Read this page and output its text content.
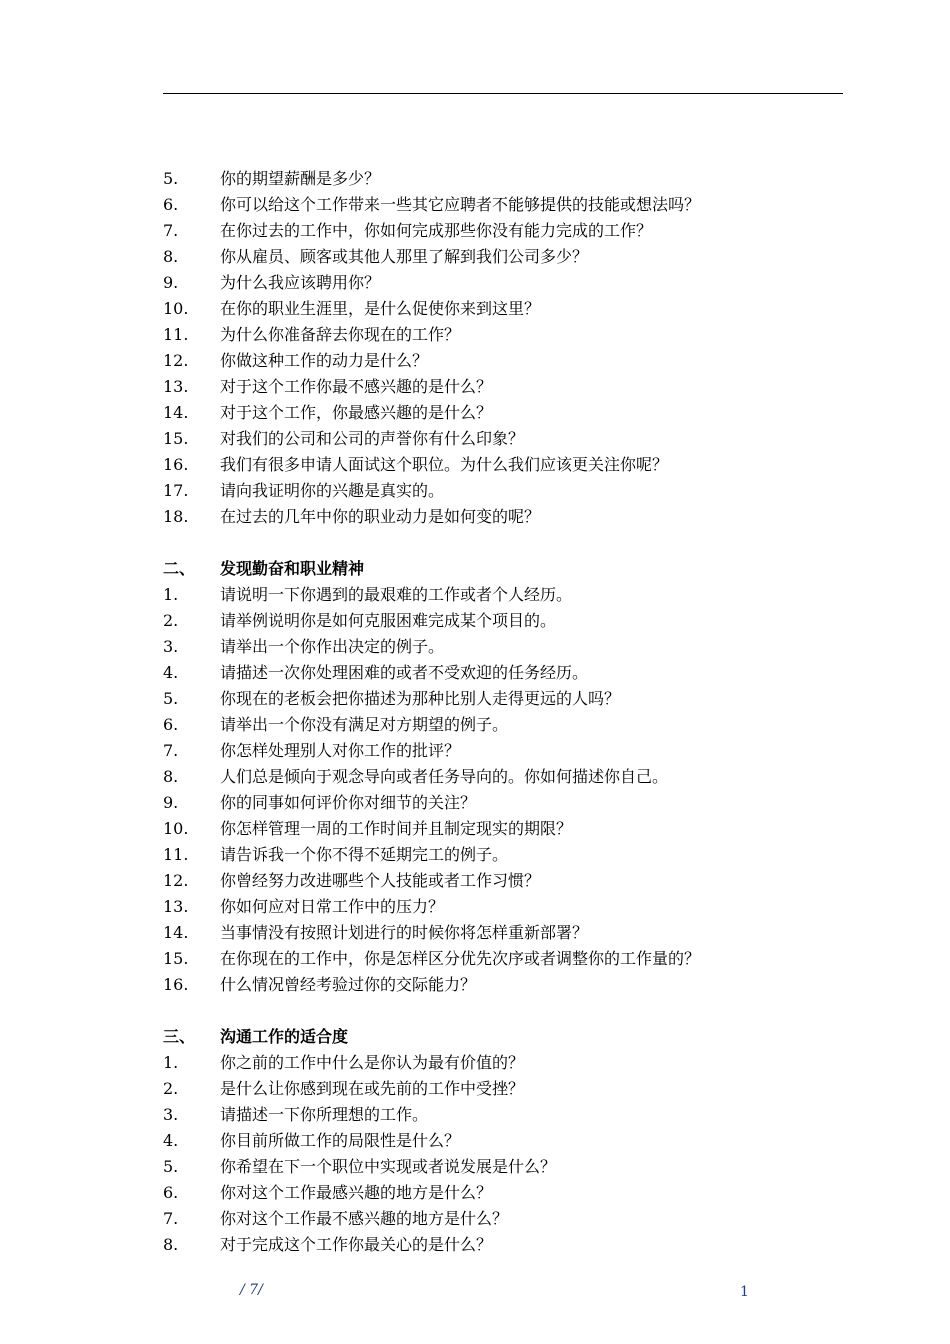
5.	你的期望薪酬是多少？
6.	你可以给这个工作带来一些其它应聘者不能够提供的技能或想法吗？
7.	在你过去的工作中，你如何完成那些你没有能力完成的工作？
8.	你从雇员、顾客或其他人那里了解到我们公司多少？
9.	为什么我应该聘用你？
10.	在你的职业生涯里，是什么促使你来到这里？
11.	为什么你准备辞去你现在的工作？
12.	你做这种工作的动力是什么？
13.	对于这个工作你最不感兴趣的是什么？
14.	对于这个工作，你最感兴趣的是什么？
15.	对我们的公司和公司的声誉你有什么印象？
16.	我们有很多申请人面试这个职位。为什么我们应该更关注你呢？
17.	请向我证明你的兴趣是真实的。
18.	在过去的几年中你的职业动力是如何变的呢？
二、	发现勤奋和职业精神
1.	请说明一下你遇到的最艰难的工作或者个人经历。
2.	请举例说明你是如何克服困难完成某个项目的。
3.	请举出一个你作出决定的例子。
4.	请描述一次你处理困难的或者不受欢迎的任务经历。
5.	你现在的老板会把你描述为那种比别人走得更远的人吗？
6.	请举出一个你没有满足对方期望的例子。
7.	你怎样处理别人对你工作的批评？
8.	人们总是倾向于观念导向或者任务导向的。你如何描述你自己。
9.	你的同事如何评价你对细节的关注？
10.	你怎样管理一周的工作时间并且制定现实的期限？
11.	请告诉我一个你不得不延期完工的例子。
12.	你曾经努力改进哪些个人技能或者工作习惯？
13.	你如何应对日常工作中的压力？
14.	当事情没有按照计划进行的时候你将怎样重新部署？
15.	在你现在的工作中，你是怎样区分优先次序或者调整你的工作量的？
16.	什么情况曾经考验过你的交际能力？
三、	沟通工作的适合度
1.	你之前的工作中什么是你认为最有价值的？
2.	是什么让你感到现在或先前的工作中受挫？
3.	请描述一下你所理想的工作。
4.	你目前所做工作的局限性是什么？
5.	你希望在下一个职位中实现或者说发展是什么？
6.	你对这个工作最感兴趣的地方是什么？
7.	你对这个工作最不感兴趣的地方是什么？
8.	对于完成这个工作你最关心的是什么？
/ 7/	1
